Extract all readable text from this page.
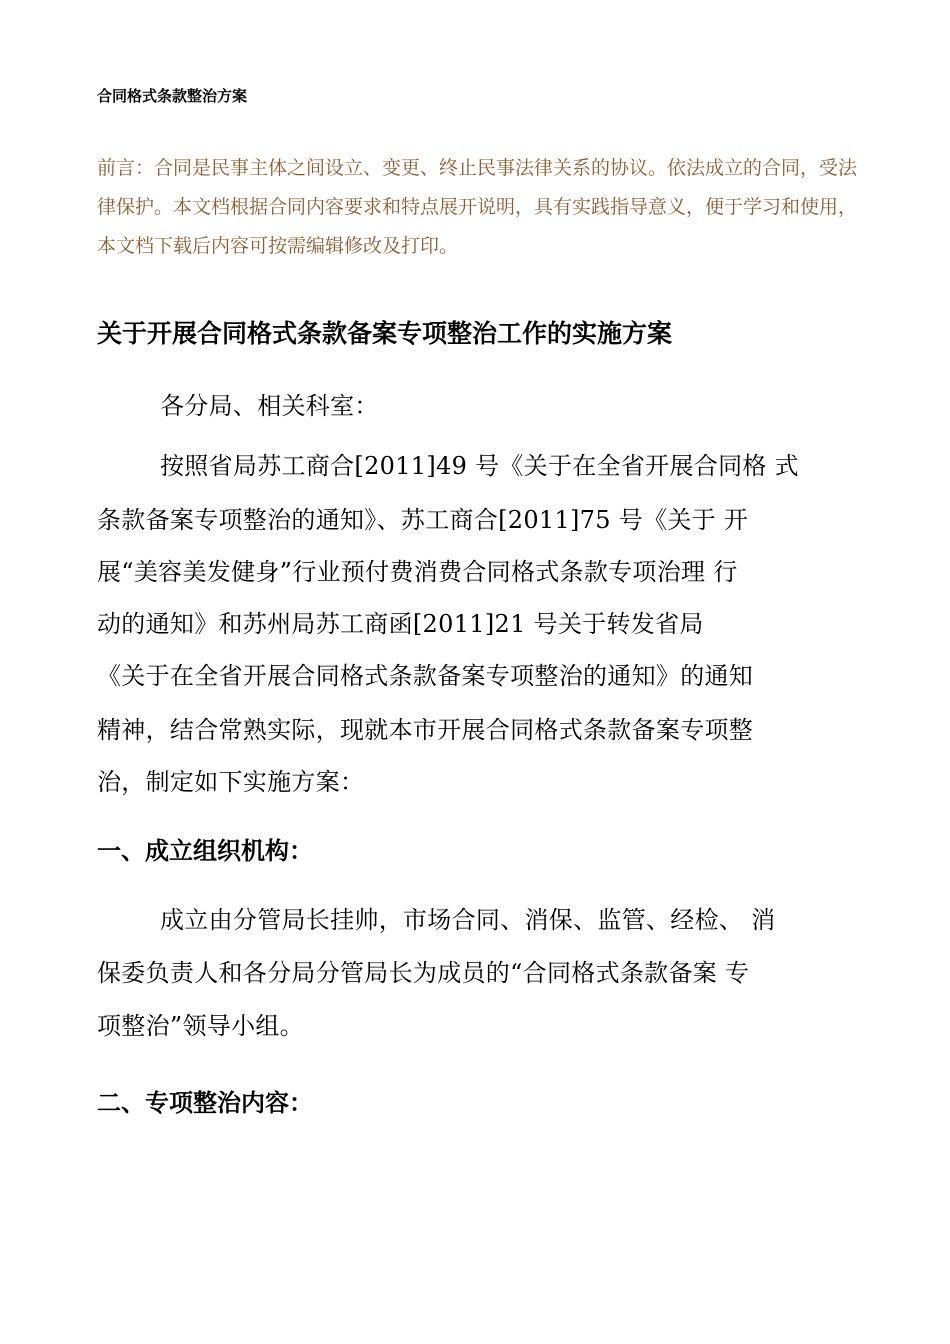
合同格式条款整治方案
前言：合同是民事主体之间设立、变更、终止民事法律关系的协议。依法成立的合同，受法律保护。本文档根据合同内容要求和特点展开说明，具有实践指导意义，便于学习和使用，本文档下载后内容可按需编辑修改及打印。
关于开展合同格式条款备案专项整治工作的实施方案
各分局、相关科室：
按照省局苏工商合[2011]49 号《关于在全省开展合同格 式
条款备案专项整治的通知》、苏工商合[2011]75 号《关于 开
展“美容美发健身”行业预付费消费合同格式条款专项治理 行
动的通知》和苏州局苏工商函[2011]21 号关于转发省局
《关于在全省开展合同格式条款备案专项整治的通知》的通知
精神，结合常熟实际，现就本市开展合同格式条款备案专项整
治，制定如下实施方案：
一、成立组织机构：
成立由分管局长挂帅，市场合同、消保、监管、经检、 消
保委负责人和各分局分管局长为成员的“合同格式条款备案 专
项整治”领导小组。
二、专项整治内容：
